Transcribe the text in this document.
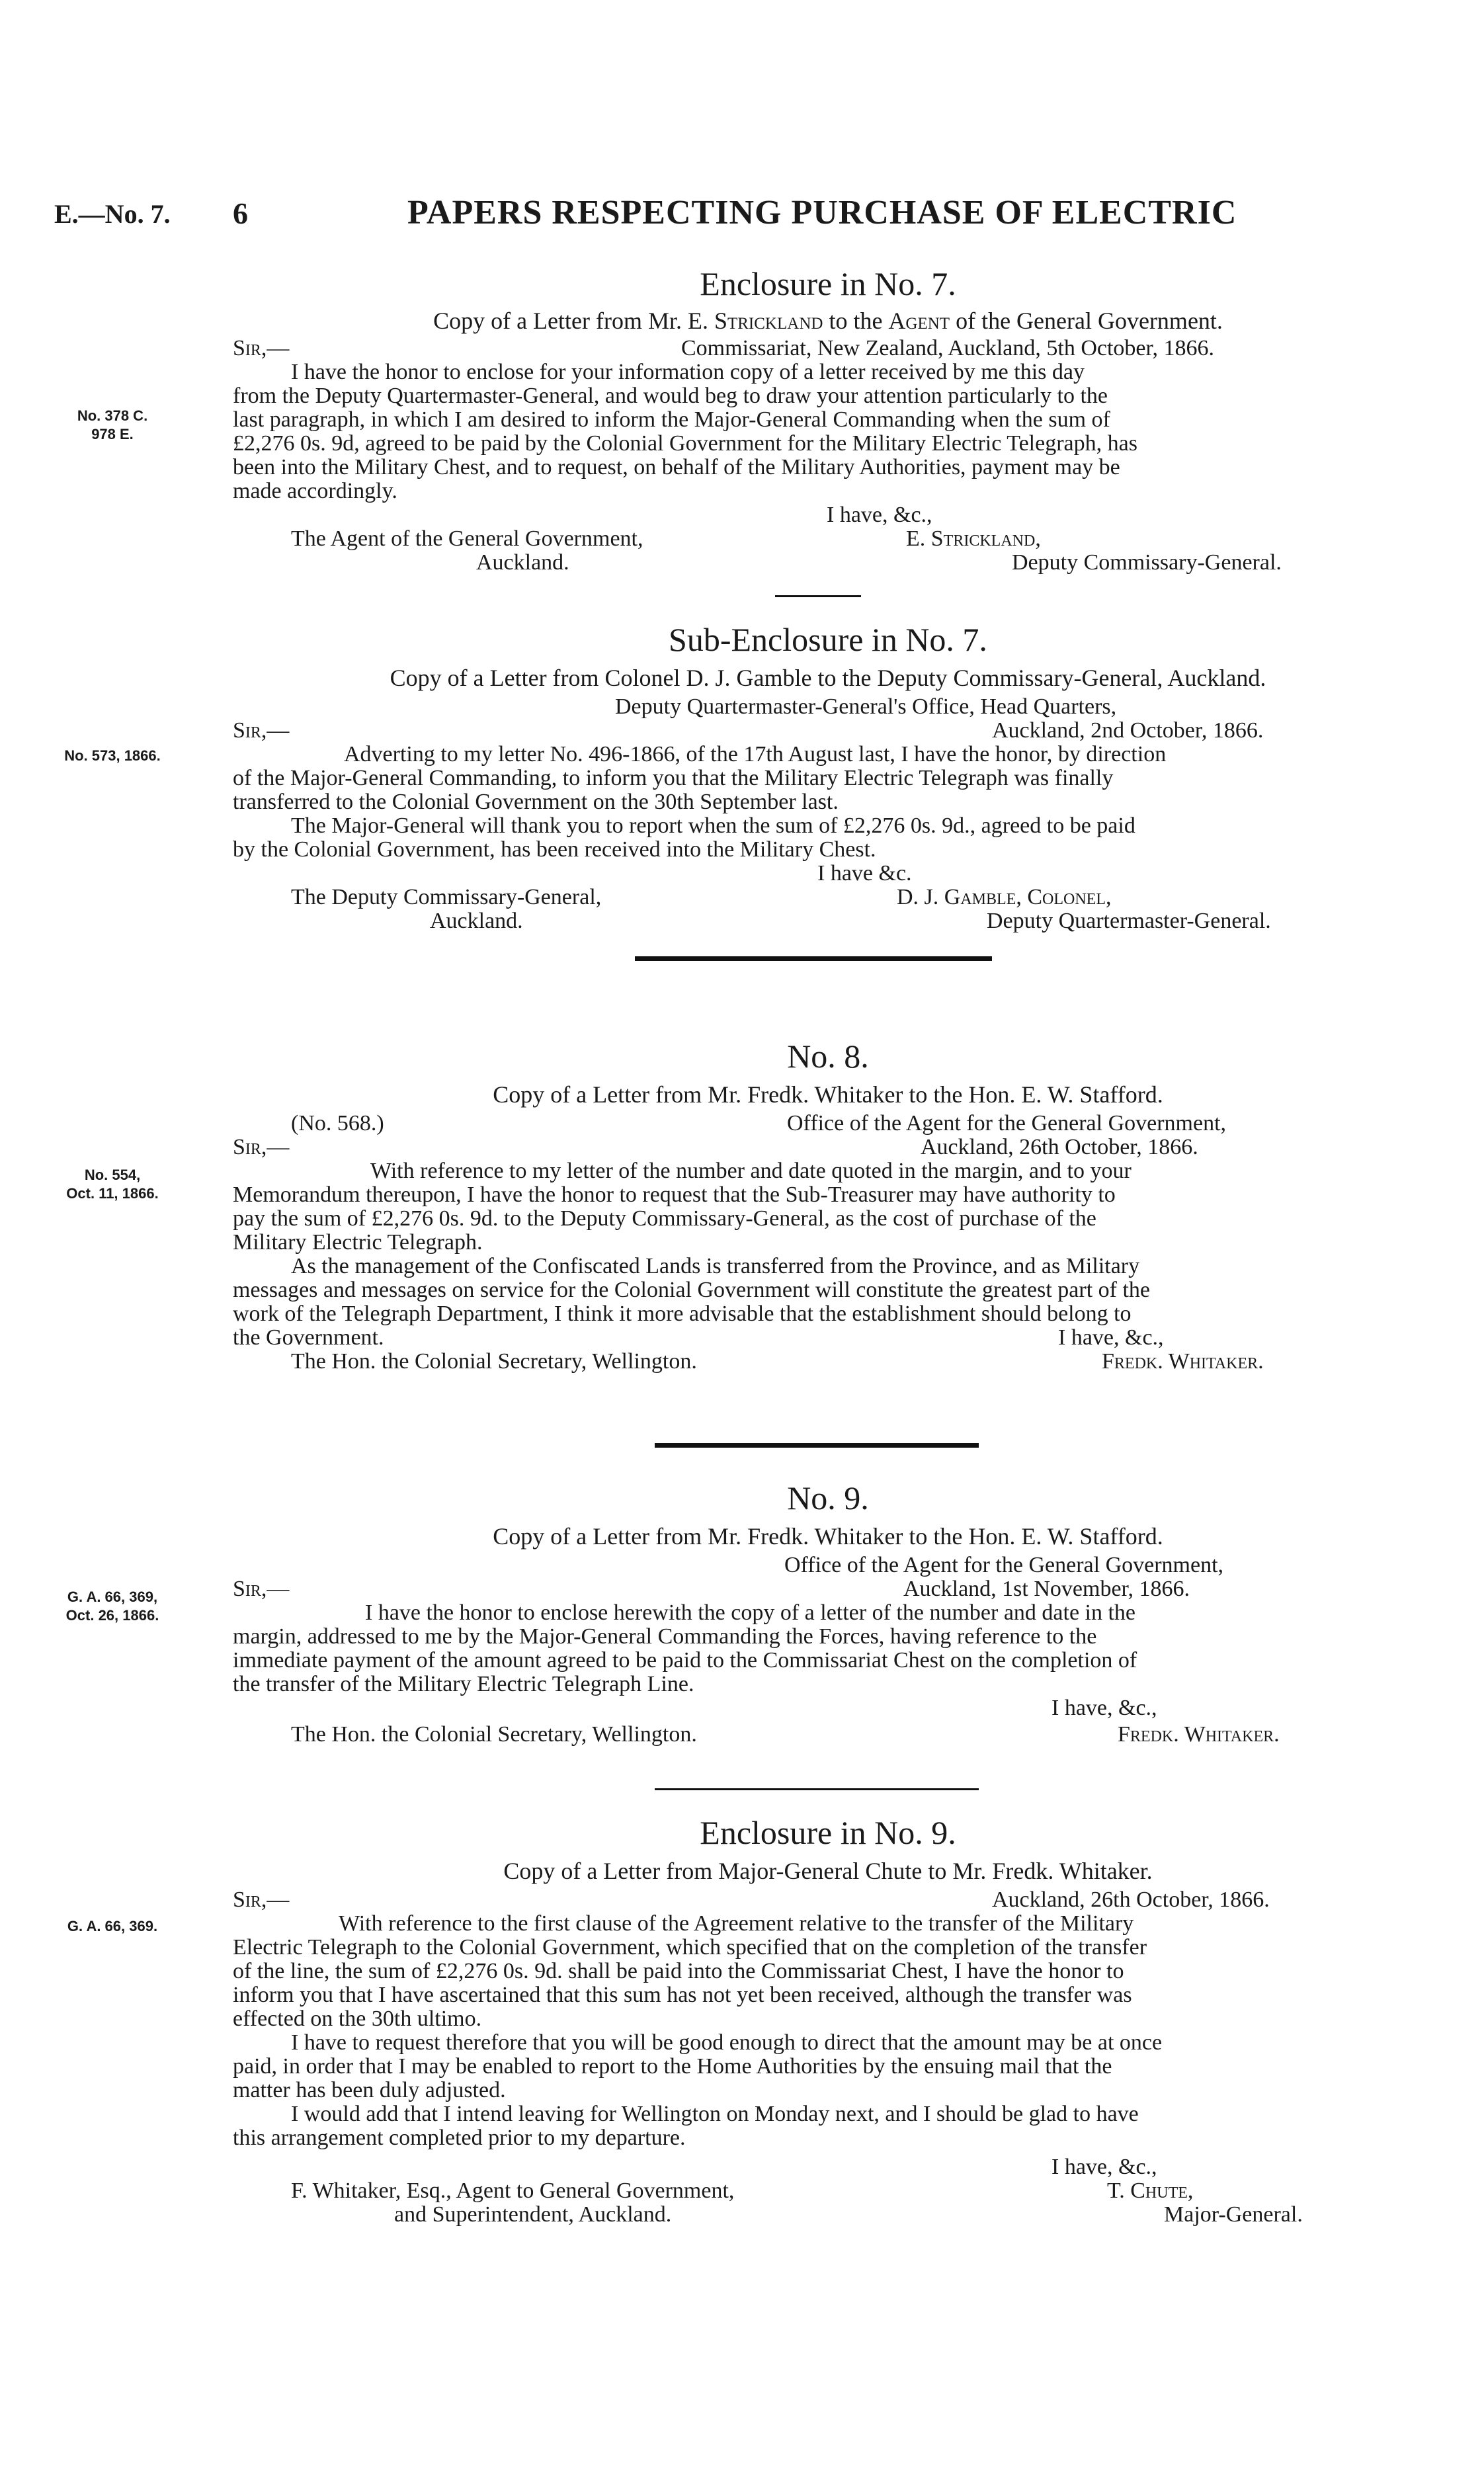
E.—No. 7. 6	PAPERS RESPECTING PURCHASE OF ELECTRIC
Enclosure in No. 7.
Copy of a Letter from Mr. E. Strickland to the Agent of the General Government.
Sir,—	Commissariat, New Zealand, Auckland, 5th October, 1866.
No. 378 C.
978 E.
I have the honor to enclose for your information copy of a letter received by me this day
from the Deputy Quartermaster-General, and would beg to draw your attention particularly to the
last paragraph, in which I am desired to inform the Major-General Commanding when the sum of
£2,276 0s. 9d, agreed to be paid by the Colonial Government for the Military Electric Telegraph, has
been into the Military Chest, and to request, on behalf of the Military Authorities, payment may be
made accordingly.
I have, &c.,
The Agent of the General Government,
Auckland.
E. Strickland,
Deputy Commissary-General.
Sub-Enclosure in No. 7.
Copy of a Letter from Colonel D. J. Gamble to the Deputy Commissary-General, Auckland.
Deputy Quartermaster-General's Office, Head Quarters,
Sir,—	Auckland, 2nd October, 1866.
No. 573, 1866.	Adverting to my letter No. 496-1866, of the 17th August last, I have the honor, by direction
of the Major-General Commanding, to inform you that the Military Electric Telegraph was finally
transferred to the Colonial Government on the 30th September last.
The Major-General will thank you to report when the sum of £2,276 0s. 9d., agreed to be paid
by the Colonial Government, has been received into the Military Chest.
I have &c.
The Deputy Commissary-General,
Auckland.
D. J. Gamble, Colonel,
Deputy Quartermaster-General.
No. 8.
Copy of a Letter from Mr. Fredk. Whitaker to the Hon. E. W. Stafford.
(No. 568.)	Office of the Agent for the General Government,
Sir,—	Auckland, 26th October, 1866.
No. 554,
Oct. 11, 1866.
With reference to my letter of the number and date quoted in the margin, and to your
Memorandum thereupon, I have the honor to request that the Sub-Treasurer may have authority to
pay the sum of £2,276 0s. 9d. to the Deputy Commissary-General, as the cost of purchase of the
Military Electric Telegraph.
As the management of the Confiscated Lands is transferred from the Province, and as Military
messages and messages on service for the Colonial Government will constitute the greatest part of the
work of the Telegraph Department, I think it more advisable that the establishment should belong to
the Government.	I have, &c.,
The Hon. the Colonial Secretary, Wellington.	Fredk. Whitaker.
No. 9.
Copy of a Letter from Mr. Fredk. Whitaker to the Hon. E. W. Stafford.
Office of the Agent for the General Government,
Sir,—	Auckland, 1st November, 1866.
G. A. 66, 369,
Oct. 26, 1866.	I have the honor to enclose herewith the copy of a letter of the number and date in the
margin, addressed to me by the Major-General Commanding the Forces, having reference to the
immediate payment of the amount agreed to be paid to the Commissariat Chest on the completion of
the transfer of the Military Electric Telegraph Line.
I have, &c.,
The Hon. the Colonial Secretary, Wellington.	Fredk. Whitaker.
Enclosure in No. 9.
Copy of a Letter from Major-General Chute to Mr. Fredk. Whitaker.
Sir,—	Auckland, 26th October, 1866.
G. A. 66, 369.	With reference to the first clause of the Agreement relative to the transfer of the Military
Electric Telegraph to the Colonial Government, which specified that on the completion of the transfer
of the line, the sum of £2,276 0s. 9d. shall be paid into the Commissariat Chest, I have the honor to
inform you that I have ascertained that this sum has not yet been received, although the transfer was
effected on the 30th ultimo.
I have to request therefore that you will be good enough to direct that the amount may be at once
paid, in order that I may be enabled to report to the Home Authorities by the ensuing mail that the
matter has been duly adjusted.
I would add that I intend leaving for Wellington on Monday next, and I should be glad to have
this arrangement completed prior to my departure.
I have, &c.,
F. Whitaker, Esq., Agent to General Government,
and Superintendent, Auckland.
T. Chute,
Major-General.
